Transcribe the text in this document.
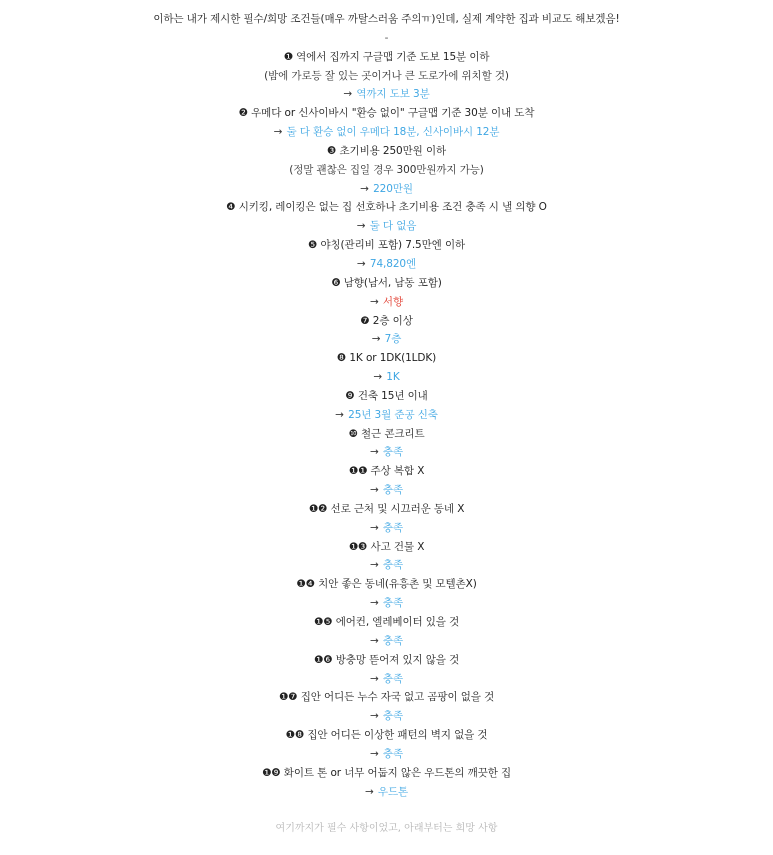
이하는 내가 제시한 필수/희망 조건들(매우 까탈스러움 주의ㅠ)인데, 실제 계약한 집과 비교도 해보겠음!
-
❶ 역에서 집까지 구글맵 기준 도보 15분 이하
(밤에 가로등 잘 있는 곳이거나 큰 도로가에 위치할 것)
→ 역까지 도보 3분
❷ 우메다 or 신사이바시 "환승 없이" 구글맵 기준 30분 이내 도착
→ 둘 다 환승 없이 우메다 18분, 신사이바시 12분
❸ 초기비용 250만원 이하
(정말 괜찮은 집일 경우 300만원까지 가능)
→ 220만원
❹ 시키킹, 레이킹은 없는 집 선호하나 초기비용 조건 충족 시 낼 의향 O
→ 둘 다 없음
❺ 야칭(관리비 포함) 7.5만엔 이하
→ 74,820엔
❻ 남향(남서, 남동 포함)
→ 서향
❼ 2층 이상
→ 7층
❽ 1K or 1DK(1LDK)
→ 1K
❾ 건축 15년 이내
→ 25년 3월 준공 신축
❿ 철근 콘크리트
→ 충족
❶❶ 주상 복합 X
→ 충족
❶❷ 선로 근처 및 시끄러운 동네 X
→ 충족
❶❸ 사고 건물 X
→ 충족
❶❹ 치안 좋은 동네(유흥촌 및 모텔촌X)
→ 충족
❶❺ 에어컨, 엘레베이터 있을 것
→ 충족
❶❻ 방충망 뜯어져 있지 않을 것
→ 충족
❶❼ 집안 어디든 누수 자국 없고 곰팡이 없을 것
→ 충족
❶❽ 집안 어디든 이상한 패턴의 벽지 없을 것
→ 충족
❶❾ 화이트 톤 or 너무 어둡지 않은 우드톤의 깨끗한 집
→ 우드톤
여기까지가 필수 사항이었고, 아래부터는 희망 사항
